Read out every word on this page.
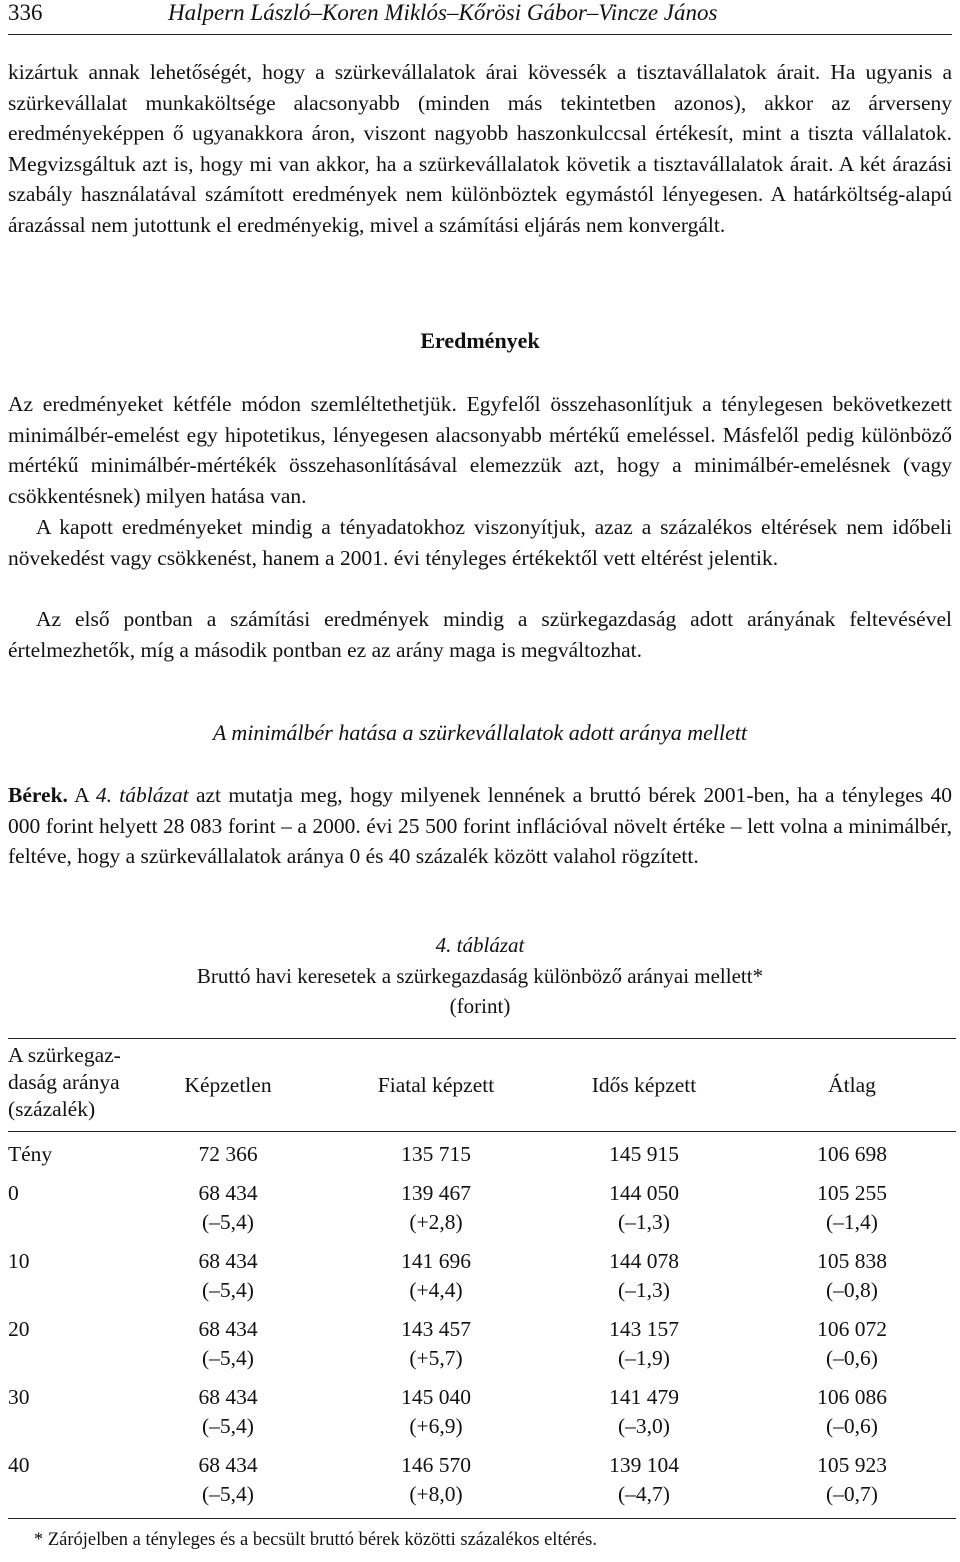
336	Halpern László–Koren Miklós–Kőrösi Gábor–Vincze János

kizártuk annak lehetőségét, hogy a szürkevállalatok árai kövessék a tisztavállalatok árait. Ha ugyanis a szürkevállalat munkaköltsége alacsonyabb (minden más tekintetben azonos), akkor az árverseny eredményeképpen ő ugyanakkora áron, viszont nagyobb haszonkulccsal értékesít, mint a tiszta vállalatok. Megvizsgáltuk azt is, hogy mi van akkor, ha a szürkevállalatok követik a tisztavállalatok árait. A két árazási szabály használatával számított eredmények nem különböztek egymástól lényegesen. A határköltség-alapú árazással nem jutottunk el eredményekig, mivel a számítási eljárás nem konvergált.

Eredmények

Az eredményeket kétféle módon szemléltethetjük. Egyfelől összehasonlítjuk a ténylegesen bekövetkezett minimálbér-emelést egy hipotetikus, lényegesen alacsonyabb mértékű emeléssel. Másfelől pedig különböző mértékű minimálbér-mértékék összehasonlításával elemezzük azt, hogy a minimálbér-emelésnek (vagy csökkentésnek) milyen hatása van.

A kapott eredményeket mindig a tényadatokhoz viszonyítjuk, azaz a százalékos eltérések nem időbeli növekedést vagy csökkenést, hanem a 2001. évi tényleges értékektől vett eltérést jelentik.

Az első pontban a számítási eredmények mindig a szürkegazdaság adott arányának feltevésével értelmezhetők, míg a második pontban ez az arány maga is megváltozhat.

A minimálbér hatása a szürkevállalatok adott aránya mellett

Bérek. A 4. táblázat azt mutatja meg, hogy milyenek lennének a bruttó bérek 2001-ben, ha a tényleges 40 000 forint helyett 28 083 forint – a 2000. évi 25 500 forint inflációval növelt értéke – lett volna a minimálbér, feltéve, hogy a szürkevállalatok aránya 0 és 40 százalék között valahol rögzített.

4. táblázat
Bruttó havi keresetek a szürkegazdaság különböző arányai mellett*
(forint)
A szürkegaz-
daság aránya
(százalék)
Képzetlen	Fiatal képzett	Idős képzett	Átlag
Tény	72 366	135 715	145 915	106 698
0	68 434	139 467	144 050	105 255
(–5,4)	(+2,8)	(–1,3)	(–1,4)
10	68 434	141 696	144 078	105 838
(–5,4)	(+4,4)	(–1,3)	(–0,8)
20	68 434	143 457	143 157	106 072
(–5,4)	(+5,7)	(–1,9)	(–0,6)
30	68 434	145 040	141 479	106 086
(–5,4)	(+6,9)	(–3,0)	(–0,6)
40	68 434	146 570	139 104	105 923
(–5,4)	(+8,0)	(–4,7)	(–0,7)
* Zárójelben a tényleges és a becsült bruttó bérek közötti százalékos eltérés.
